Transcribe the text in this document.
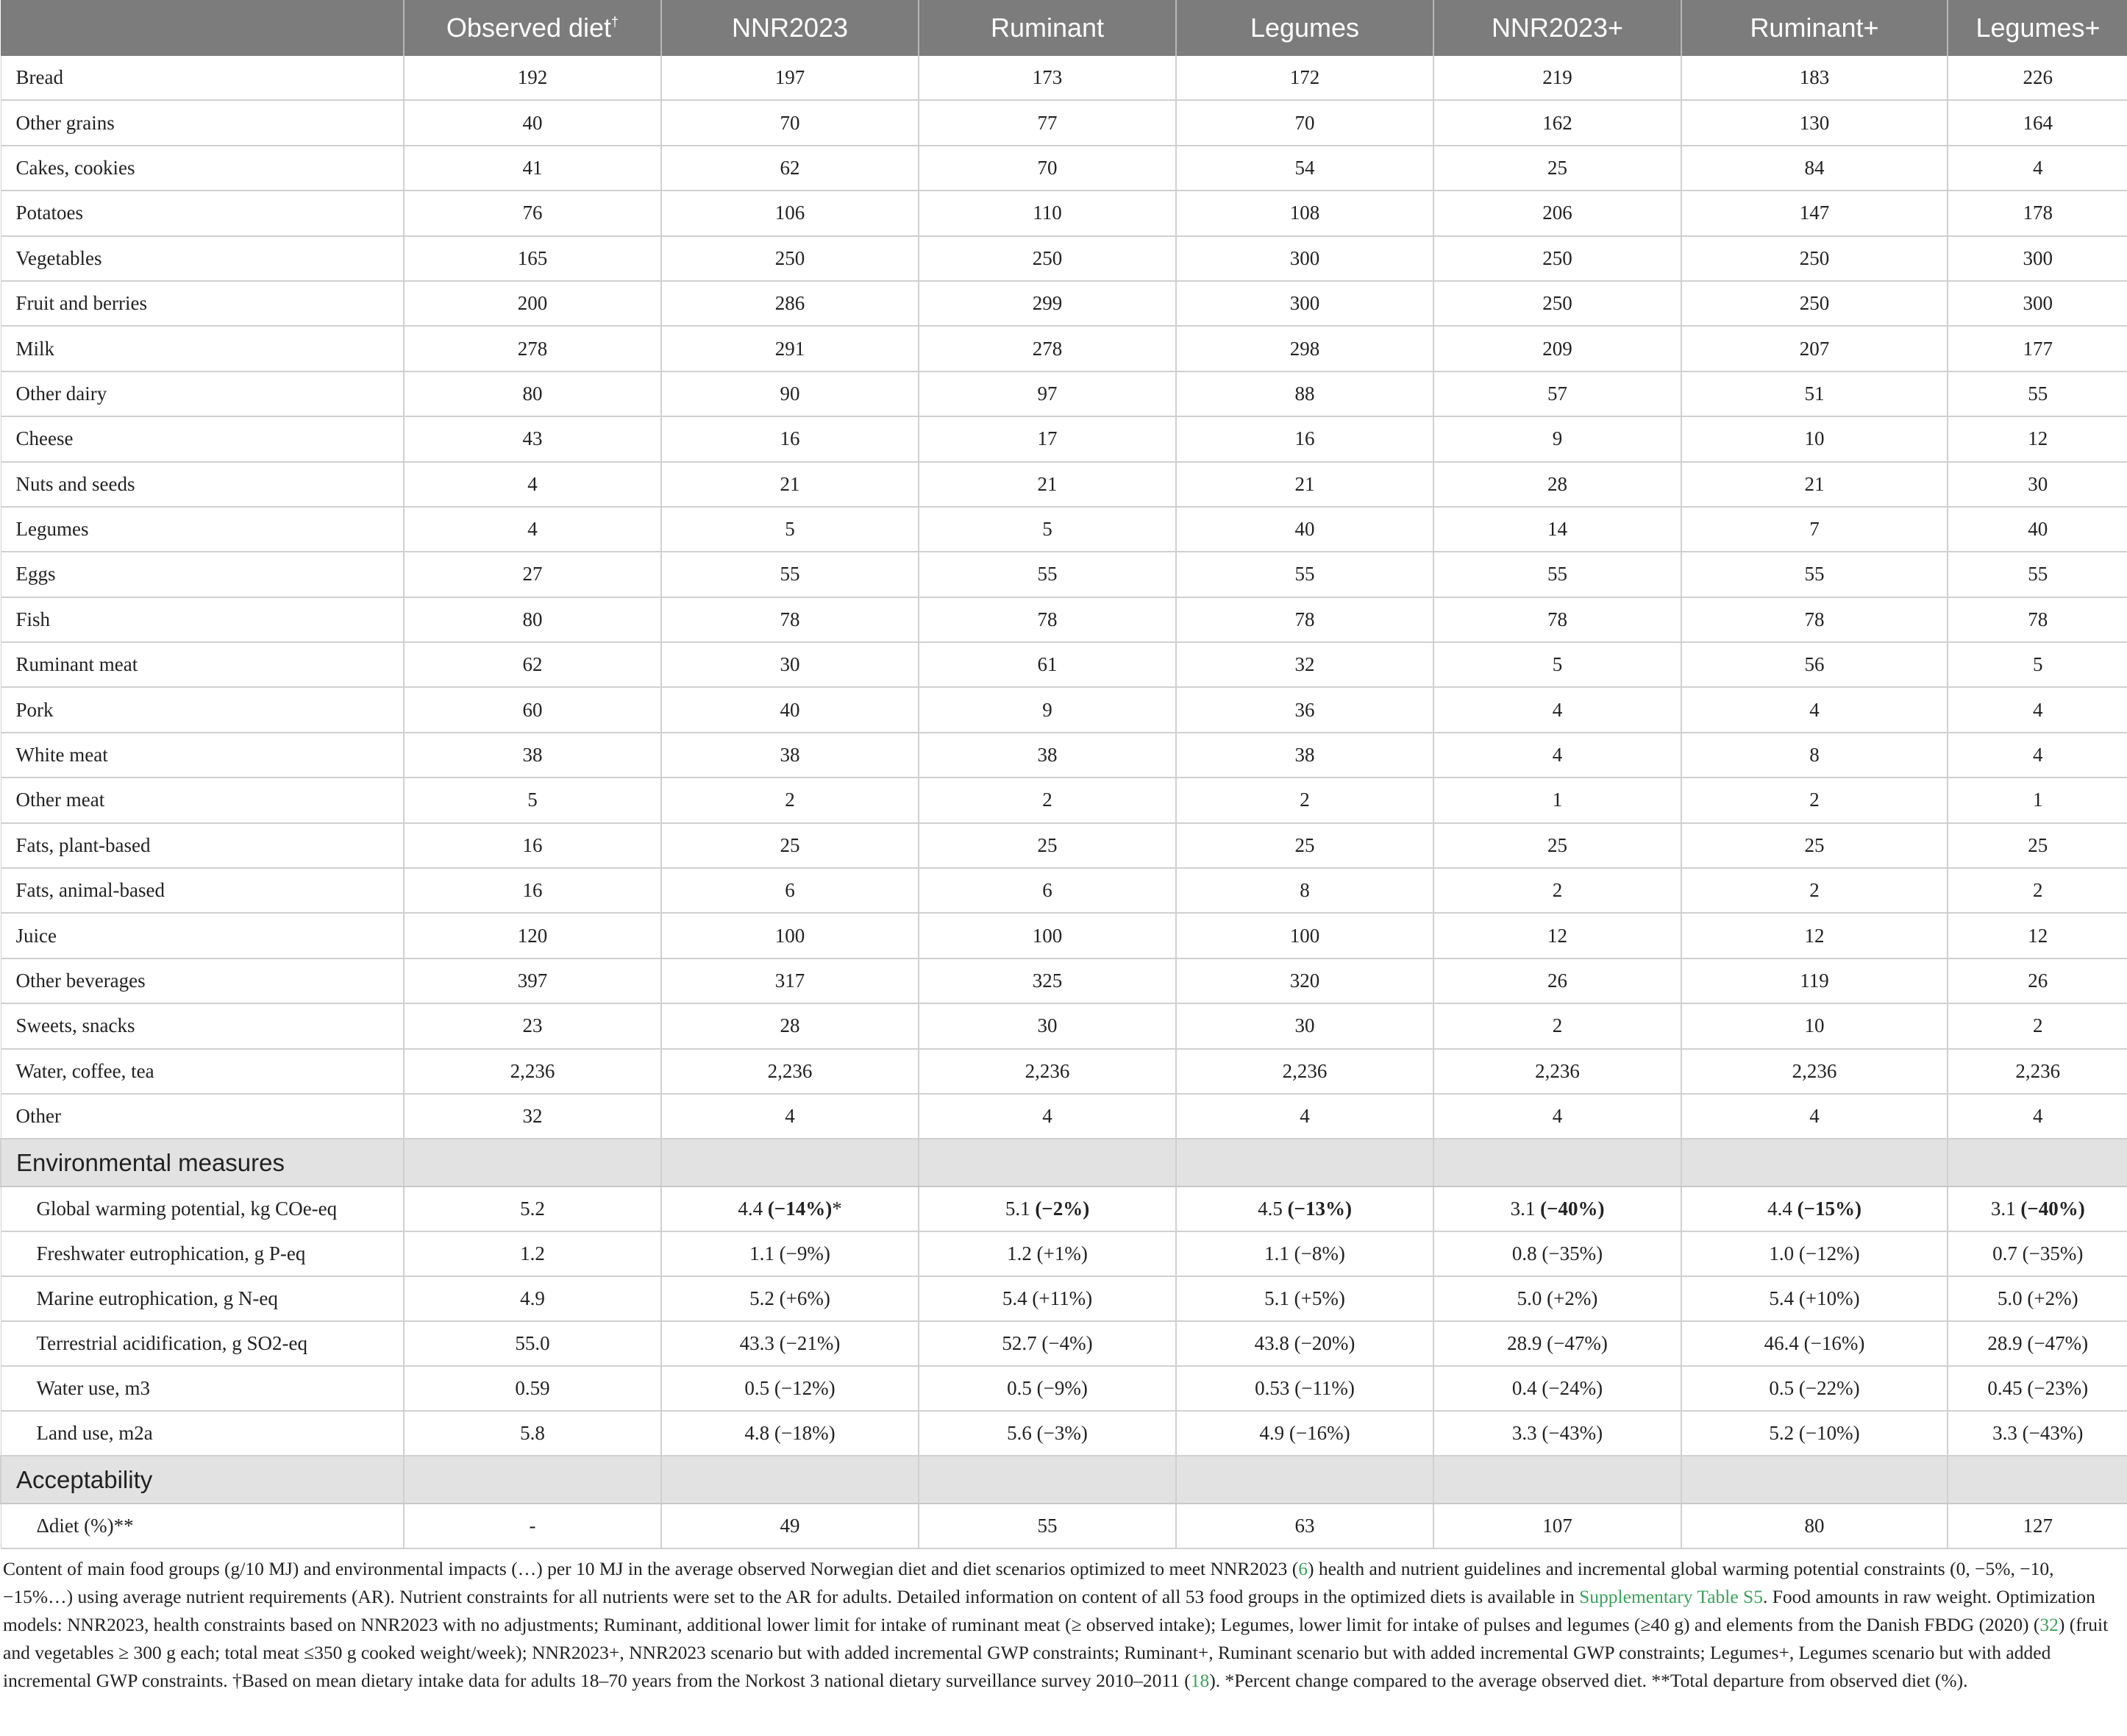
	Observed diet†	NNR2023	Ruminant	Legumes	NNR2023+	Ruminant+	Legumes+
Bread	192	197	173	172	219	183	226
Other grains	40	70	77	70	162	130	164
Cakes, cookies	41	62	70	54	25	84	4
Potatoes	76	106	110	108	206	147	178
Vegetables	165	250	250	300	250	250	300
Fruit and berries	200	286	299	300	250	250	300
Milk	278	291	278	298	209	207	177
Other dairy	80	90	97	88	57	51	55
Cheese	43	16	17	16	9	10	12
Nuts and seeds	4	21	21	21	28	21	30
Legumes	4	5	5	40	14	7	40
Eggs	27	55	55	55	55	55	55
Fish	80	78	78	78	78	78	78
Ruminant meat	62	30	61	32	5	56	5
Pork	60	40	9	36	4	4	4
White meat	38	38	38	38	4	8	4
Other meat	5	2	2	2	1	2	1
Fats, plant-based	16	25	25	25	25	25	25
Fats, animal-based	16	6	6	8	2	2	2
Juice	120	100	100	100	12	12	12
Other beverages	397	317	325	320	26	119	26
Sweets, snacks	23	28	30	30	2	10	2
Water, coffee, tea	2,236	2,236	2,236	2,236	2,236	2,236	2,236
Other	32	4	4	4	4	4	4
Environmental measures							
Global warming potential, kg COe-eq	5.2	4.4 (−14%)*	5.1 (−2%)	4.5 (−13%)	3.1 (−40%)	4.4 (−15%)	3.1 (−40%)
Freshwater eutrophication, g P-eq	1.2	1.1 (−9%)	1.2 (+1%)	1.1 (−8%)	0.8 (−35%)	1.0 (−12%)	0.7 (−35%)
Marine eutrophication, g N-eq	4.9	5.2 (+6%)	5.4 (+11%)	5.1 (+5%)	5.0 (+2%)	5.4 (+10%)	5.0 (+2%)
Terrestrial acidification, g SO2-eq	55.0	43.3 (−21%)	52.7 (−4%)	43.8 (−20%)	28.9 (−47%)	46.4 (−16%)	28.9 (−47%)
Water use, m3	0.59	0.5 (−12%)	0.5 (−9%)	0.53 (−11%)	0.4 (−24%)	0.5 (−22%)	0.45 (−23%)
Land use, m2a	5.8	4.8 (−18%)	5.6 (−3%)	4.9 (−16%)	3.3 (−43%)	5.2 (−10%)	3.3 (−43%)
Acceptability							
Δdiet (%)**	-	49	55	63	107	80	127
Content of main food groups (g/10 MJ) and environmental impacts (…) per 10 MJ in the average observed Norwegian diet and diet scenarios optimized to meet NNR2023 (6) health and nutrient guidelines and incremental global warming potential constraints (0, −5%, −10, −15%…) using average nutrient requirements (AR). Nutrient constraints for all nutrients were set to the AR for adults. Detailed information on content of all 53 food groups in the optimized diets is available in Supplementary Table S5. Food amounts in raw weight. Optimization models: NNR2023, health constraints based on NNR2023 with no adjustments; Ruminant, additional lower limit for intake of ruminant meat (≥ observed intake); Legumes, lower limit for intake of pulses and legumes (≥40 g) and elements from the Danish FBDG (2020) (32) (fruit and vegetables ≥ 300 g each; total meat ≤350 g cooked weight/week); NNR2023+, NNR2023 scenario but with added incremental GWP constraints; Ruminant+, Ruminant scenario but with added incremental GWP constraints; Legumes+, Legumes scenario but with added incremental GWP constraints. †Based on mean dietary intake data for adults 18–70 years from the Norkost 3 national dietary surveillance survey 2010–2011 (18). *Percent change compared to the average observed diet. **Total departure from observed diet (%).
